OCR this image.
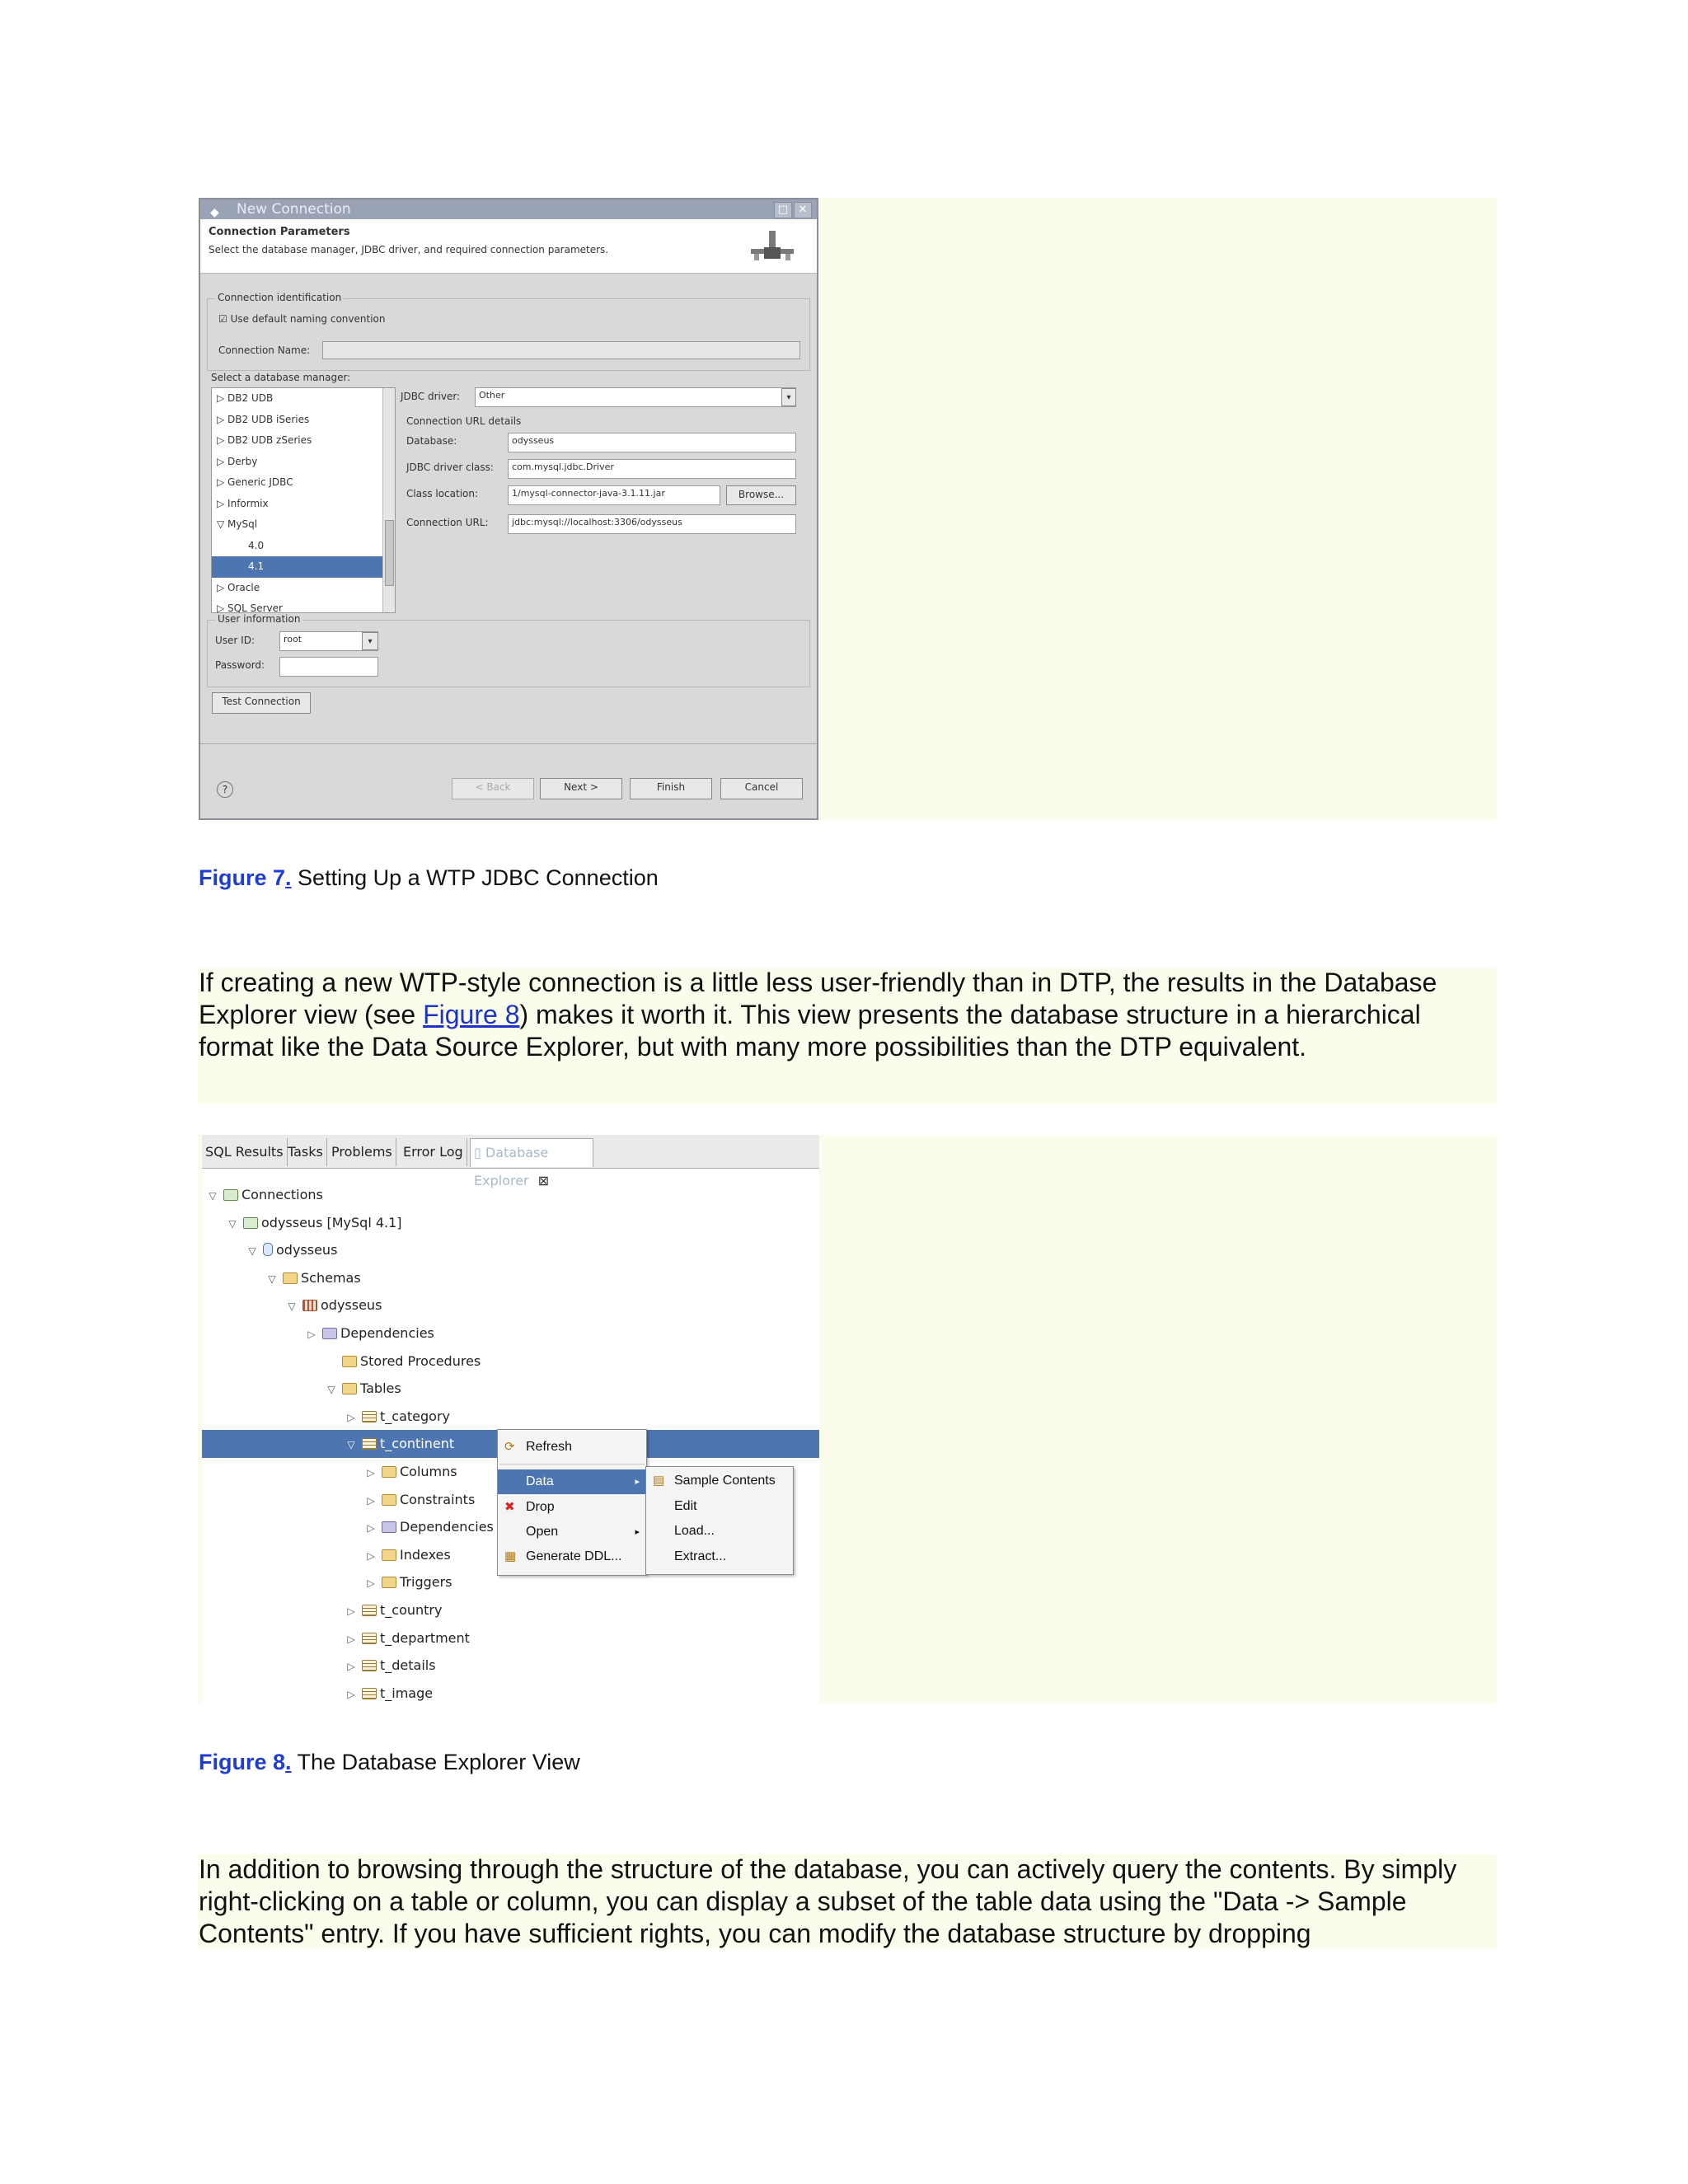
◆ New Connection	□ ✕
Connection Parameters
Select the database manager, JDBC driver, and required connection parameters.
Connection identification
☑ Use default naming convention
Connection Name:
Select a database manager:
▷ DB2 UDB
▷ DB2 UDB iSeries
▷ DB2 UDB zSeries
▷ Derby
▷ Generic JDBC
▷ Informix
▽ MySql
4.0
4.1
▷ Oracle
▷ SQL Server
JDBC driver:	Other	▾
Connection URL details
Database:	odysseus
JDBC driver class:	com.mysql.jdbc.Driver
Class location:	1/mysql-connector-java-3.1.11.jar	Browse...
Connection URL:	jdbc:mysql://localhost:3306/odysseus
User information
User ID:	root	▾
Password:
Test Connection
?	< Back	Next >	Finish	Cancel
Figure 7. Setting Up a WTP JDBC Connection
If creating a new WTP-style connection is a little less user-friendly than in DTP, the results in the Database Explorer view (see Figure 8) makes it worth it. This view presents the database structure in a hierarchical format like the Data Source Explorer, but with many more possibilities than the DTP equivalent.
SQL Results Tasks Problems Error Log ▯ Database Explorer ⊠
▽ Connections
▽ odysseus [MySql 4.1]
▽ odysseus
▽ Schemas
▽ odysseus
▷ Dependencies
Stored Procedures
▽ Tables
▷ t_category
▽ t_continent
▷ Columns
▷ Constraints
▷ Dependencies
▷ Indexes
▷ Triggers
▷ t_country
▷ t_department
▷ t_details
▷ t_image
Figure 8. The Database Explorer View
In addition to browsing through the structure of the database, you can actively query the contents. By simply right-clicking on a table or column, you can display a subset of the table data using the "Data -> Sample Contents" entry. If you have sufficient rights, you can modify the database structure by dropping
⟳ Refresh
Data	▸
✖ Drop
Open	▸
▦ Generate DDL...
▤ Sample Contents
Edit
Load...
Extract...
